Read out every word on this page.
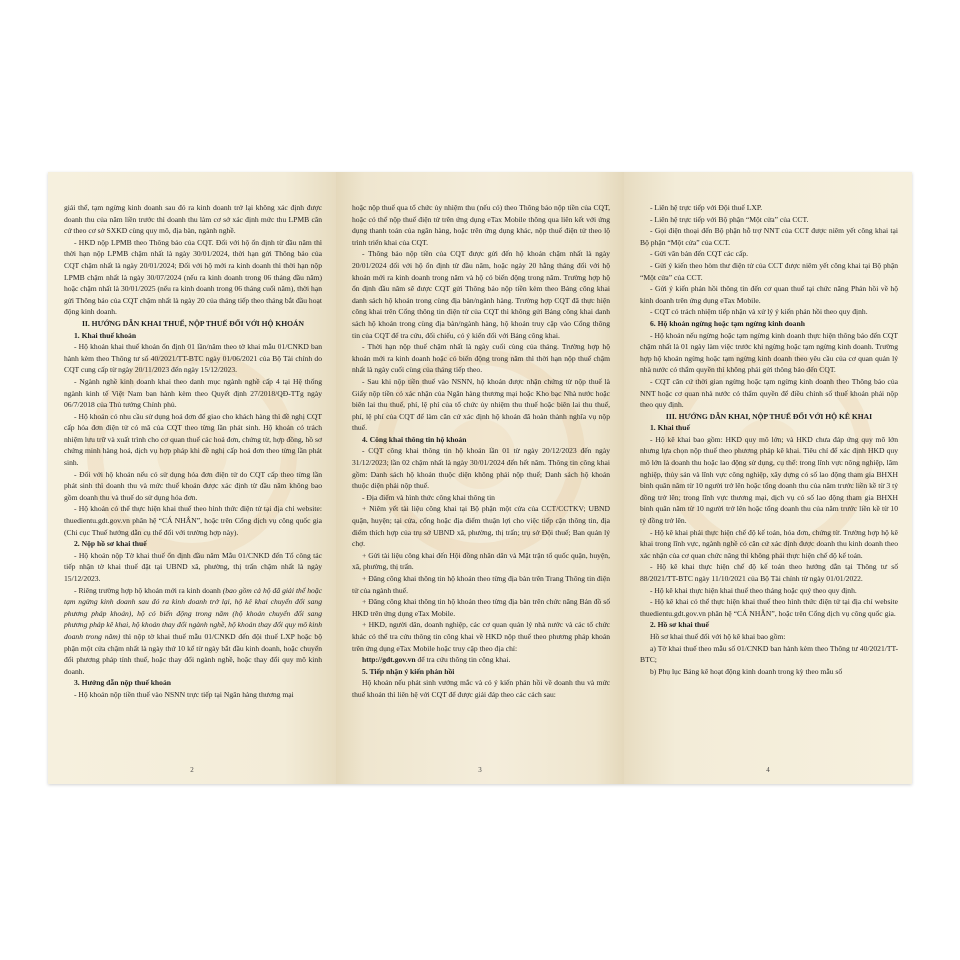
giải thể, tạm ngừng kinh doanh sau đó ra kinh doanh trở lại không xác định được doanh thu của năm liền trước thì doanh thu làm cơ sở xác định mức thu LPMB căn cứ theo cơ sở SXKD cùng quy mô, địa bàn, ngành nghề.

- HKD nộp LPMB theo Thông báo của CQT. Đối với hộ ổn định từ đầu năm thì thời hạn nộp LPMB chậm nhất là ngày 30/01/2024, thời hạn gửi Thông báo của CQT chậm nhất là ngày 20/01/2024; Đối với hộ mới ra kinh doanh thì thời hạn nộp LPMB chậm nhất là ngày 30/07/2024 (nếu ra kinh doanh trong 06 tháng đầu năm) hoặc chậm nhất là 30/01/2025 (nếu ra kinh doanh trong 06 tháng cuối năm), thời hạn gửi Thông báo của CQT chậm nhất là ngày 20 của tháng tiếp theo tháng bắt đầu hoạt động kinh doanh.

II. HƯỚNG DẪN KHAI THUẾ, NỘP THUẾ ĐỐI VỚI HỘ KHOÁN

1. Khai thuế khoán

- Hộ khoán khai thuế khoán ổn định 01 lần/năm theo tờ khai mẫu 01/CNKD ban hành kèm theo Thông tư số 40/2021/TT-BTC ngày 01/06/2021 của Bộ Tài chính do CQT cung cấp từ ngày 20/11/2023 đến ngày 15/12/2023.

- Ngành nghề kinh doanh khai theo danh mục ngành nghề cấp 4 tại Hệ thống ngành kinh tế Việt Nam ban hành kèm theo Quyết định 27/2018/QĐ-TTg ngày 06/7/2018 của Thủ tướng Chính phủ.

- Hộ khoán có nhu cầu sử dụng hoá đơn để giao cho khách hàng thì đề nghị CQT cấp hóa đơn điện tử có mã của CQT theo từng lần phát sinh. Hộ khoán có trách nhiệm lưu trữ và xuất trình cho cơ quan thuế các hoá đơn, chứng từ, hợp đồng, hồ sơ chứng minh hàng hoá, dịch vụ hợp pháp khi đề nghị cấp hoá đơn theo từng lần phát sinh.

- Đối với hộ khoán nếu có sử dụng hóa đơn điện tử do CQT cấp theo từng lần phát sinh thì doanh thu và mức thuế khoán được xác định từ đầu năm không bao gồm doanh thu và thuế do sử dụng hóa đơn.

- Hộ khoán có thể thực hiện khai thuế theo hình thức điện tử tại địa chỉ website: thuedientu.gdt.gov.vn phân hệ “CÁ NHÂN”, hoặc trên Cổng dịch vụ công quốc gia (Chi cục Thuế hướng dẫn cụ thể đối với trường hợp này).

2. Nộp hồ sơ khai thuế

- Hộ khoán nộp Tờ khai thuế ổn định đầu năm Mẫu 01/CNKD đến Tổ công tác tiếp nhận tờ khai thuế đặt tại UBND xã, phường, thị trấn chậm nhất là ngày 15/12/2023.

- Riêng trường hợp hộ khoán mới ra kinh doanh (bao gồm cả hộ đã giải thể hoặc tạm ngừng kinh doanh sau đó ra kinh doanh trở lại, hộ kê khai chuyển đổi sang phương pháp khoán), hộ có biến động trong năm (hộ khoán chuyển đổi sang phương pháp kê khai, hộ khoán thay đổi ngành nghề, hộ khoán thay đổi quy mô kinh doanh trong năm) thì nộp tờ khai thuế mẫu 01/CNKD đến đội thuế LXP hoặc bộ phận một cửa chậm nhất là ngày thứ 10 kể từ ngày bắt đầu kinh doanh, hoặc chuyển đổi phương pháp tính thuế, hoặc thay đổi ngành nghề, hoặc thay đổi quy mô kinh doanh.

3. Hướng dẫn nộp thuế khoán

- Hộ khoán nộp tiền thuế vào NSNN trực tiếp tại Ngân hàng thương mại

2

hoặc nộp thuế qua tổ chức ủy nhiệm thu (nếu có) theo Thông báo nộp tiền của CQT, hoặc có thể nộp thuế điện tử trên ứng dụng eTax Mobile thông qua liên kết với ứng dụng thanh toán của ngân hàng, hoặc trên ứng dụng khác, nộp thuế điện tử theo lộ trình triển khai của CQT.

- Thông báo nộp tiền của CQT được gửi đến hộ khoán chậm nhất là ngày 20/01/2024 đối với hộ ổn định từ đầu năm, hoặc ngày 20 hằng tháng đối với hộ khoán mới ra kinh doanh trong năm và hộ có biến động trong năm. Trường hợp hộ ổn định đầu năm sẽ được CQT gửi Thông báo nộp tiền kèm theo Bảng công khai danh sách hộ khoán trong cùng địa bàn/ngành hàng. Trường hợp CQT đã thực hiện công khai trên Cổng thông tin điện tử của CQT thì không gửi Bảng công khai danh sách hộ khoán trong cùng địa bàn/ngành hàng, hộ khoán truy cập vào Cổng thông tin của CQT để tra cứu, đối chiếu, có ý kiến đối với Bảng công khai.

- Thời hạn nộp thuế chậm nhất là ngày cuối cùng của tháng. Trường hợp hộ khoán mới ra kinh doanh hoặc có biến động trong năm thì thời hạn nộp thuế chậm nhất là ngày cuối cùng của tháng tiếp theo.

- Sau khi nộp tiền thuế vào NSNN, hộ khoán được nhận chứng từ nộp thuế là Giấy nộp tiền có xác nhận của Ngân hàng thương mại hoặc Kho bạc Nhà nước hoặc biên lai thu thuế, phí, lệ phí của tổ chức ủy nhiệm thu thuế hoặc biên lai thu thuế, phí, lệ phí của CQT để làm căn cứ xác định hộ khoán đã hoàn thành nghĩa vụ nộp thuế.

4. Công khai thông tin hộ khoán

- CQT công khai thông tin hộ khoán lần 01 từ ngày 20/12/2023 đến ngày 31/12/2023; lần 02 chậm nhất là ngày 30/01/2024 đến hết năm. Thông tin công khai gồm: Danh sách hộ khoán thuộc diện không phải nộp thuế; Danh sách hộ khoán thuộc diện phải nộp thuế.

- Địa điểm và hình thức công khai thông tin

+ Niêm yết tài liệu công khai tại Bộ phận một cửa của CCT/CCTKV; UBND quận, huyện; tại cửa, cổng hoặc địa điểm thuận lợi cho việc tiếp cận thông tin, địa điểm thích hợp của trụ sở UBND xã, phường, thị trấn; trụ sở Đội thuế; Ban quản lý chợ.

+ Gửi tài liệu công khai đến Hội đồng nhân dân và Mặt trận tổ quốc quận, huyện, xã, phường, thị trấn.

+ Đăng công khai thông tin hộ khoán theo từng địa bàn trên Trang Thông tin điện tử của ngành thuế.

+ Đăng công khai thông tin hộ khoán theo từng địa bàn trên chức năng Bản đồ số HKD trên ứng dụng eTax Mobile.

+ HKD, người dân, doanh nghiệp, các cơ quan quản lý nhà nước và các tổ chức khác có thể tra cứu thông tin công khai về HKD nộp thuế theo phương pháp khoán trên ứng dụng eTax Mobile hoặc truy cập theo địa chỉ:

http://gdt.gov.vn để tra cứu thông tin công khai.

5. Tiếp nhận ý kiến phản hồi

Hộ khoán nếu phát sinh vướng mắc và có ý kiến phản hồi về doanh thu và mức thuế khoán thì liên hệ với CQT để được giải đáp theo các cách sau:

3

- Liên hệ trực tiếp với Đội thuế LXP.

- Liên hệ trực tiếp với Bộ phận “Một cửa” của CCT.

- Gọi điện thoại đến Bộ phận hỗ trợ NNT của CCT được niêm yết công khai tại Bộ phận “Một cửa” của CCT.

- Gửi văn bản đến CQT các cấp.

- Gửi ý kiến theo hòm thư điện tử của CCT được niêm yết công khai tại Bộ phận “Một cửa” của CCT.

- Gửi ý kiến phản hồi thông tin đến cơ quan thuế tại chức năng Phản hồi về hộ kinh doanh trên ứng dụng eTax Mobile.

- CQT có trách nhiệm tiếp nhận và xử lý ý kiến phản hồi theo quy định.

6. Hộ khoán ngừng hoặc tạm ngừng kinh doanh

- Hộ khoán nếu ngừng hoặc tạm ngừng kinh doanh thực hiện thông báo đến CQT chậm nhất là 01 ngày làm việc trước khi ngừng hoặc tạm ngừng kinh doanh. Trường hợp hộ khoán ngừng hoặc tạm ngừng kinh doanh theo yêu cầu của cơ quan quản lý nhà nước có thẩm quyền thì không phải gửi thông báo đến CQT.

- CQT căn cứ thời gian ngừng hoặc tạm ngừng kinh doanh theo Thông báo của NNT hoặc cơ quan nhà nước có thẩm quyền để điều chỉnh số thuế khoán phải nộp theo quy định.

III. HƯỚNG DẪN KHAI, NỘP THUẾ ĐỐI VỚI HỘ KÊ KHAI

1. Khai thuế

- Hộ kê khai bao gồm: HKD quy mô lớn; và HKD chưa đáp ứng quy mô lớn nhưng lựa chọn nộp thuế theo phương pháp kê khai. Tiêu chí để xác định HKD quy mô lớn là doanh thu hoặc lao động sử dụng, cụ thể: trong lĩnh vực nông nghiệp, lâm nghiệp, thủy sản và lĩnh vực công nghiệp, xây dựng có số lao động tham gia BHXH bình quân năm từ 10 người trở lên hoặc tổng doanh thu của năm trước liền kề từ 3 tỷ đồng trở lên; trong lĩnh vực thương mại, dịch vụ có số lao động tham gia BHXH bình quân năm từ 10 người trở lên hoặc tổng doanh thu của năm trước liền kề từ 10 tỷ đồng trở lên.

- Hộ kê khai phải thực hiện chế độ kế toán, hóa đơn, chứng từ. Trường hợp hộ kê khai trong lĩnh vực, ngành nghề có căn cứ xác định được doanh thu kinh doanh theo xác nhận của cơ quan chức năng thì không phải thực hiện chế độ kế toán.

- Hộ kê khai thực hiện chế độ kế toán theo hướng dẫn tại Thông tư số 88/2021/TT-BTC ngày 11/10/2021 của Bộ Tài chính từ ngày 01/01/2022.

- Hộ kê khai thực hiện khai thuế theo tháng hoặc quý theo quy định.

- Hộ kê khai có thể thực hiện khai thuế theo hình thức điện tử tại địa chỉ website thuedientu.gdt.gov.vn phân hệ “CÁ NHÂN”, hoặc trên Cổng dịch vụ công quốc gia.

2. Hồ sơ khai thuế

Hồ sơ khai thuế đối với hộ kê khai bao gồm:

a) Tờ khai thuế theo mẫu số 01/CNKD ban hành kèm theo Thông tư 40/2021/TT-BTC;

b) Phụ lục Bảng kê hoạt động kinh doanh trong kỳ theo mẫu số

4
